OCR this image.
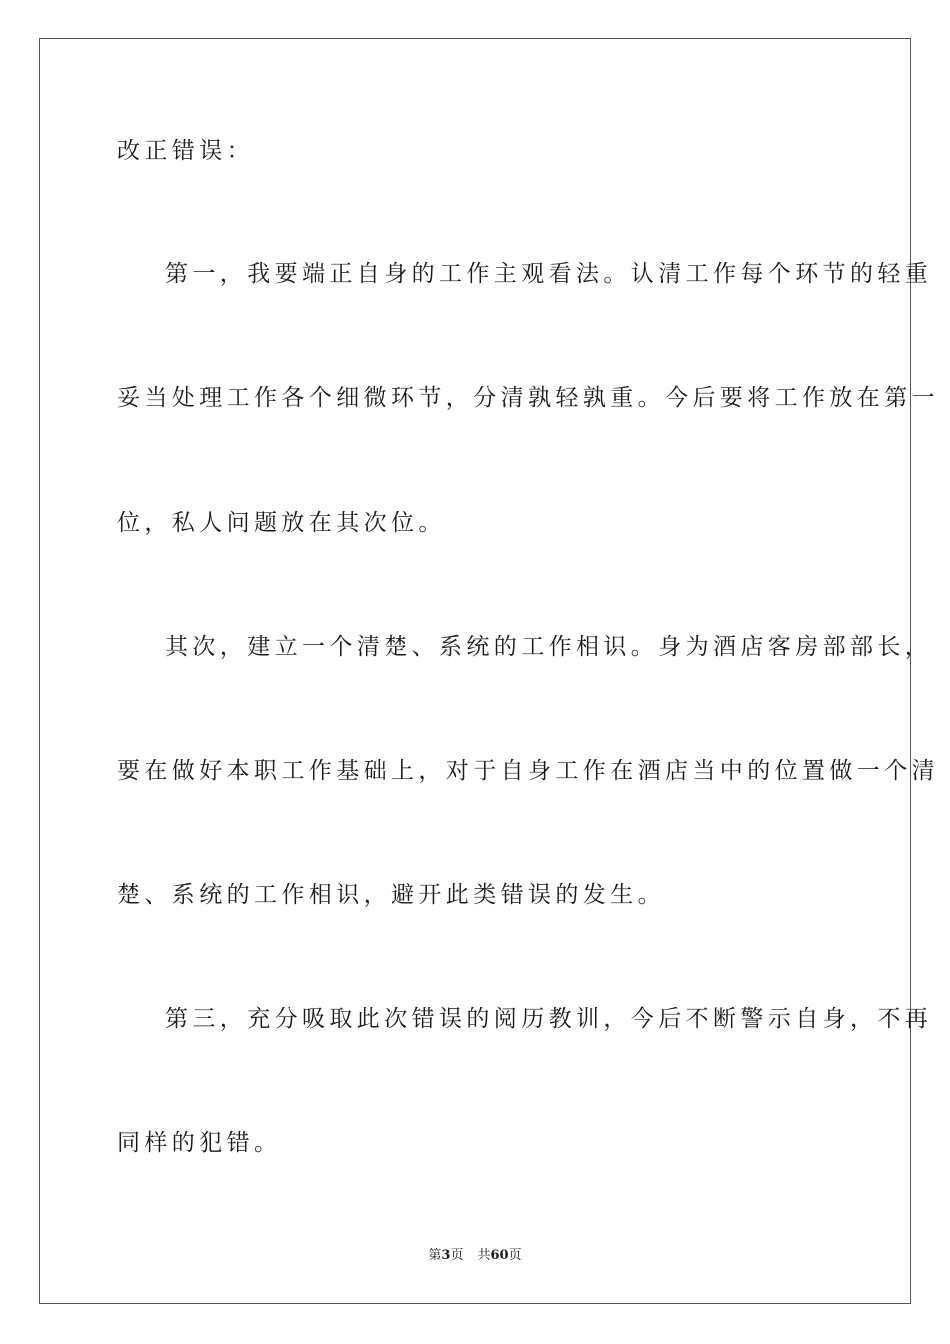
改正错误：
第一，我要端正自身的工作主观看法。认清工作每个环节的轻重
妥当处理工作各个细微环节，分清孰轻孰重。今后要将工作放在第一
位，私人问题放在其次位。
其次，建立一个清楚、系统的工作相识。身为酒店客房部部长，
要在做好本职工作基础上，对于自身工作在酒店当中的位置做一个清
楚、系统的工作相识，避开此类错误的发生。
第三，充分吸取此次错误的阅历教训，今后不断警示自身，不再
同样的犯错。
第3页 共60页
